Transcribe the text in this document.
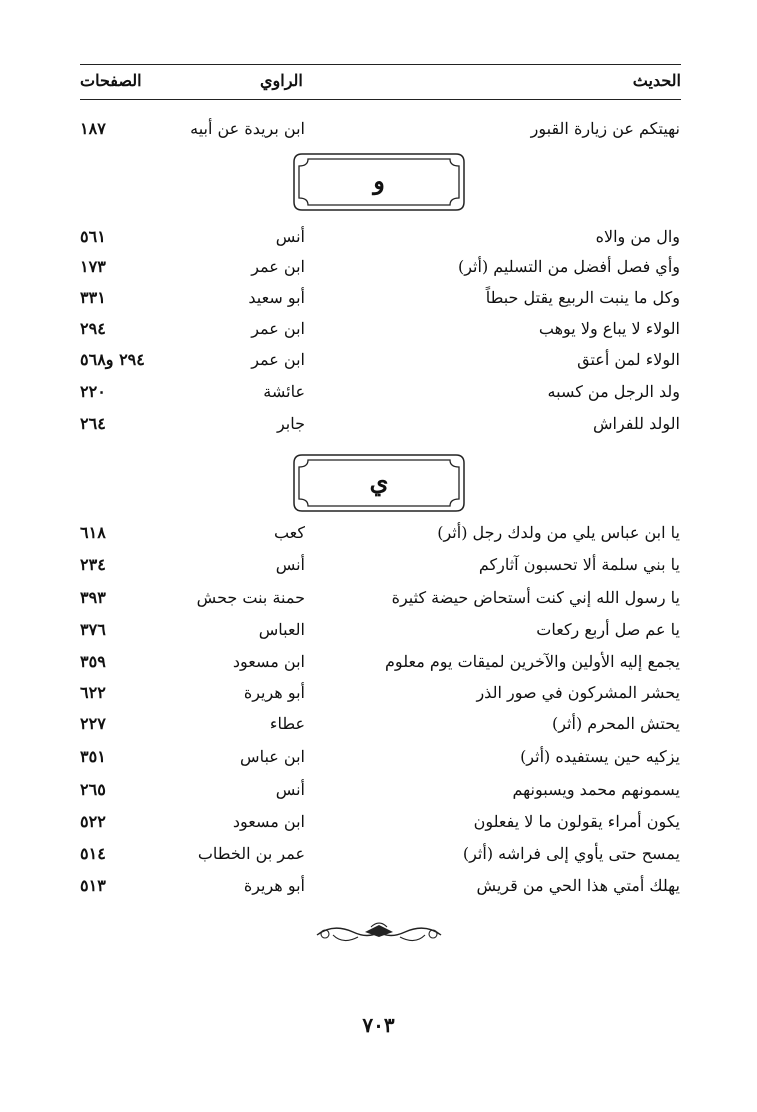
الحديث
الراوي
الصفحات
نهيتكم عن زيارة القبور
ابن بريدة عن أبيه
١٨٧
و
وال من والاه
أنس
٥٦١
وأي فصل أفضل من التسليم (أثر)
ابن عمر
١٧٣
وكل ما ينبت الربيع يقتل حبطاً
أبو سعيد
٣٣١
الولاء لا يباع ولا يوهب
ابن عمر
٢٩٤
الولاء لمن أعتق
ابن عمر
٢٩٤ و٥٦٨
ولد الرجل من كسبه
عائشة
٢٢٠
الولد للفراش
جابر
٢٦٤
ي
يا ابن عباس يلي من ولدك رجل (أثر)
كعب
٦١٨
يا بني سلمة ألا تحسبون آثاركم
أنس
٢٣٤
يا رسول الله إني كنت أستحاض حيضة كثيرة
حمنة بنت جحش
٣٩٣
يا عم صل أربع ركعات
العباس
٣٧٦
يجمع إليه الأولين والآخرين لميقات يوم معلوم
ابن مسعود
٣٥٩
يحشر المشركون في صور الذر
أبو هريرة
٦٢٢
يحتش المحرم (أثر)
عطاء
٢٢٧
يزكيه حين يستفيده (أثر)
ابن عباس
٣٥١
يسمونهم محمد ويسبونهم
أنس
٢٦٥
يكون أمراء يقولون ما لا يفعلون
ابن مسعود
٥٢٢
يمسح حتى يأوي إلى فراشه (أثر)
عمر بن الخطاب
٥١٤
يهلك أمتي هذا الحي من قريش
أبو هريرة
٥١٣
٧٠٣
